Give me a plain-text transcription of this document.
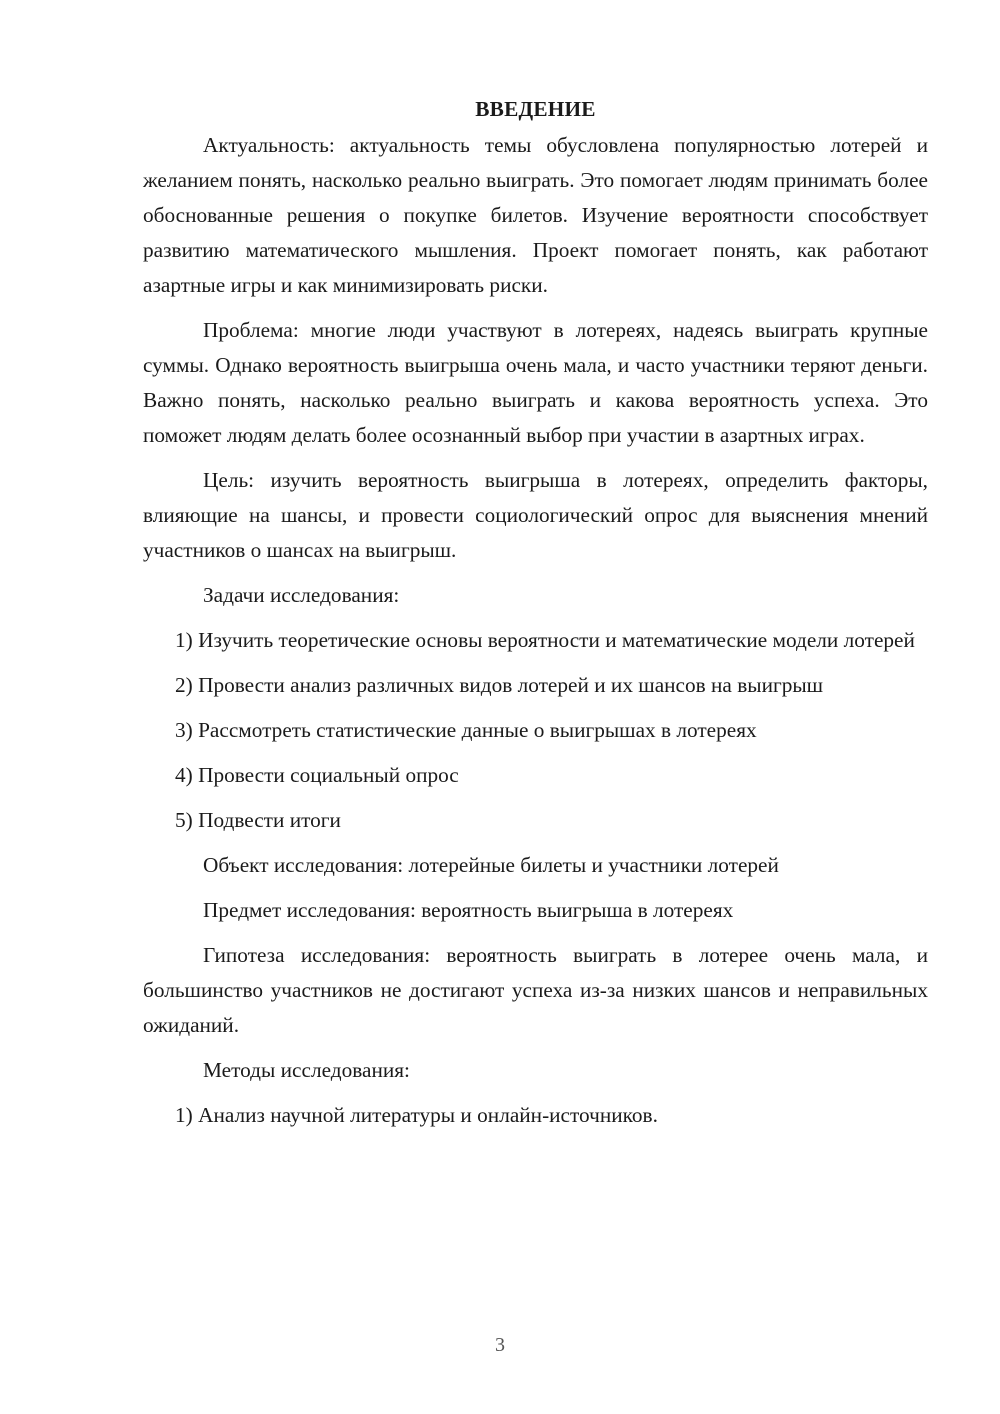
ВВЕДЕНИЕ

Актуальность: актуальность темы обусловлена популярностью лотерей и желанием понять, насколько реально выиграть. Это помогает людям принимать более обоснованные решения о покупке билетов. Изучение вероятности способствует развитию математического мышления. Проект помогает понять, как работают азартные игры и как минимизировать риски.

Проблема: многие люди участвуют в лотереях, надеясь выиграть крупные суммы. Однако вероятность выигрыша очень мала, и часто участники теряют деньги. Важно понять, насколько реально выиграть и какова вероятность успеха. Это поможет людям делать более осознанный выбор при участии в азартных играх.

Цель: изучить вероятность выигрыша в лотереях, определить факторы, влияющие на шансы, и провести социологический опрос для выяснения мнений участников о шансах на выигрыш.

Задачи исследования:

1) Изучить теоретические основы вероятности и математические модели лотерей

2) Провести анализ различных видов лотерей и их шансов на выигрыш

3) Рассмотреть статистические данные о выигрышах в лотереях

4) Провести социальный опрос

5) Подвести итоги

Объект исследования: лотерейные билеты и участники лотерей

Предмет исследования: вероятность выигрыша в лотереях

Гипотеза исследования: вероятность выиграть в лотерее очень мала, и большинство участников не достигают успеха из-за низких шансов и неправильных ожиданий.

Методы исследования:

1) Анализ научной литературы и онлайн-источников.

3
